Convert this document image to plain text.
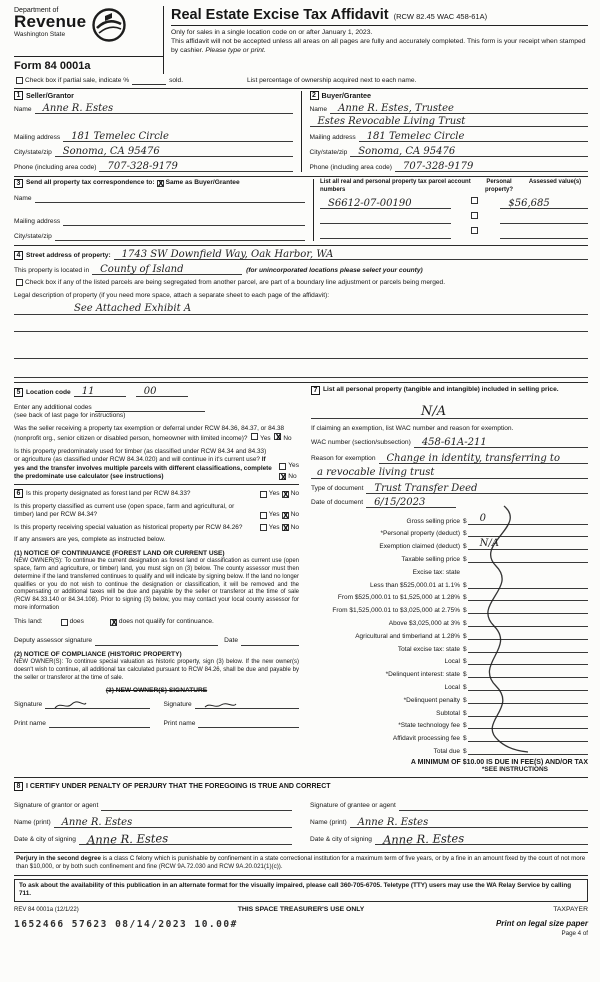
Department of
Revenue
Washington State
Real Estate Excise Tax Affidavit (RCW 82.45 WAC 458-61A)
Only for sales in a single location code on or after January 1, 2023.
This affidavit will not be accepted unless all areas on all pages are fully and accurately completed. This form is your receipt when stamped by cashier. Please type or print.
Form 84 0001a
Check box if partial sale, indicate %	sold.	List percentage of ownership acquired next to each name.
1 Seller/Grantor
Name Anne R. Estes
Mailing address 181 Temelec Circle
City/state/zip Sonoma, CA 95476
Phone (including area code) 707-328-9179
2 Buyer/Grantee
Name Anne R. Estes, Trustee
Estes Revocable Living Trust
Mailing address 181 Temelec Circle
City/state/zip Sonoma, CA 95476
Phone (including area code) 707-328-9179
3 Send all property tax correspondence to: X Same as Buyer/Grantee
Name
Mailing address
City/state/zip
List all real and personal property tax parcel account numbers
Personal property?
Assessed value(s)
S6612-07-00190	$56,685
4 Street address of property: 1743 SW Downfield Way, Oak Harbor, WA
This property is located in County of Island	(for unincorporated locations please select your county)
Check box if any of the listed parcels are being segregated from another parcel, are part of a boundary line adjustment or parcels being merged.
Legal description of property (if you need more space, attach a separate sheet to each page of the affidavit):
See Attached Exhibit A
5 Location code 11	00
Enter any additional codes
(see back of last page for instructions)
Was the seller receiving a property tax exemption or deferral under RCW 84.36, 84.37, or 84.38 (nonprofit org., senior citizen or disabled person, homeowner with limited income)? Yes X No
Is this property predominately used for timber (as classified under RCW 84.34 and 84.33) or agriculture (as classified under RCW 84.34.020) and will continue in it's current use? If yes and the transfer involves multiple parcels with different classifications, complete the predominate use calculator (see instructions)
Yes
X
No
6 Is this property designated as forest land per RCW 84.33?	Yes X No
Is this property classified as current use (open space, farm and agricultural, or timber) land per RCW 84.34?	Yes X No
Is this property receiving special valuation as historical property per RCW 84.26?	Yes X No
If any answers are yes, complete as instructed below.
(1) NOTICE OF CONTINUANCE (FOREST LAND OR CURRENT USE)
NEW OWNER(S): To continue the current designation as forest land or classification as current use (open space, farm and agriculture, or timber) land, you must sign on (3) below. The county assessor must then determine if the land transferred continues to qualify and will indicate by signing below. If the land no longer qualifies or you do not wish to continue the designation or classification, it will be removed and the compensating or additional taxes will be due and payable by the seller or transferor at the time of sale (RCW 84.33.140 or 84.34.108). Prior to signing (3) below, you may contact your local county assessor for more information
This land:	does X	does not qualify for continuance.
Deputy assessor signature	Date
(2) NOTICE OF COMPLIANCE (HISTORIC PROPERTY)
NEW OWNER(S): To continue special valuation as historic property, sign (3) below. If the new owner(s) doesn't wish to continue, all additional tax calculated pursuant to RCW 84.26, shall be due and payable by the seller or transferor at the time of sale.
(3) NEW OWNER(S) SIGNATURE
Signature
Print name
Signature
Print name
7 List all personal property (tangible and intangible) included in selling price.
N/A
If claiming an exemption, list WAC number and reason for exemption.
WAC number (section/subsection) 458-61A-211
Reason for exemption Change in identity, transferring to
a revocable living trust
Type of document Trust Transfer Deed
Date of document 6/15/2023
Gross selling price $ 0
*Personal property (deduct) $
Exemption claimed (deduct) $ N/A
Taxable selling price $
Excise tax: state
Less than $525,000.01 at 1.1% $
From $525,000.01 to $1,525,000 at 1.28% $
From $1,525,000.01 to $3,025,000 at 2.75% $
Above $3,025,000 at 3% $
Agricultural and timberland at 1.28% $
Total excise tax: state $
Local $
*Delinquent interest: state $
Local $
*Delinquent penalty $
Subtotal $
*State technology fee $
Affidavit processing fee $
Total due $
A MINIMUM OF $10.00 IS DUE IN FEE(S) AND/OR TAX
*SEE INSTRUCTIONS
8 I CERTIFY UNDER PENALTY OF PERJURY THAT THE FOREGOING IS TRUE AND CORRECT
Signature of grantor or agent
Name (print) Anne R. Estes
Date & city of signing Anne R. Estes
Signature of grantee or agent
Name (print) Anne R. Estes
Date & city of signing Anne R. Estes
Perjury in the second degree is a class C felony which is punishable by confinement in a state correctional institution for a maximum term of five years, or by a fine in an amount fixed by the court of not more than $10,000, or by both such confinement and fine (RCW 9A.72.030 and RCW 9A.20.021(1)(c)).
To ask about the availability of this publication in an alternate format for the visually impaired, please call 360-705-6705. Teletype (TTY) users may use the WA Relay Service by calling 711.
REV 84 0001a (12/1/22)	THIS SPACE TREASURER'S USE ONLY	TAXPAYER
1652466 57623 08/14/2023 10.00#	Print on legal size paper
Page 4 of
